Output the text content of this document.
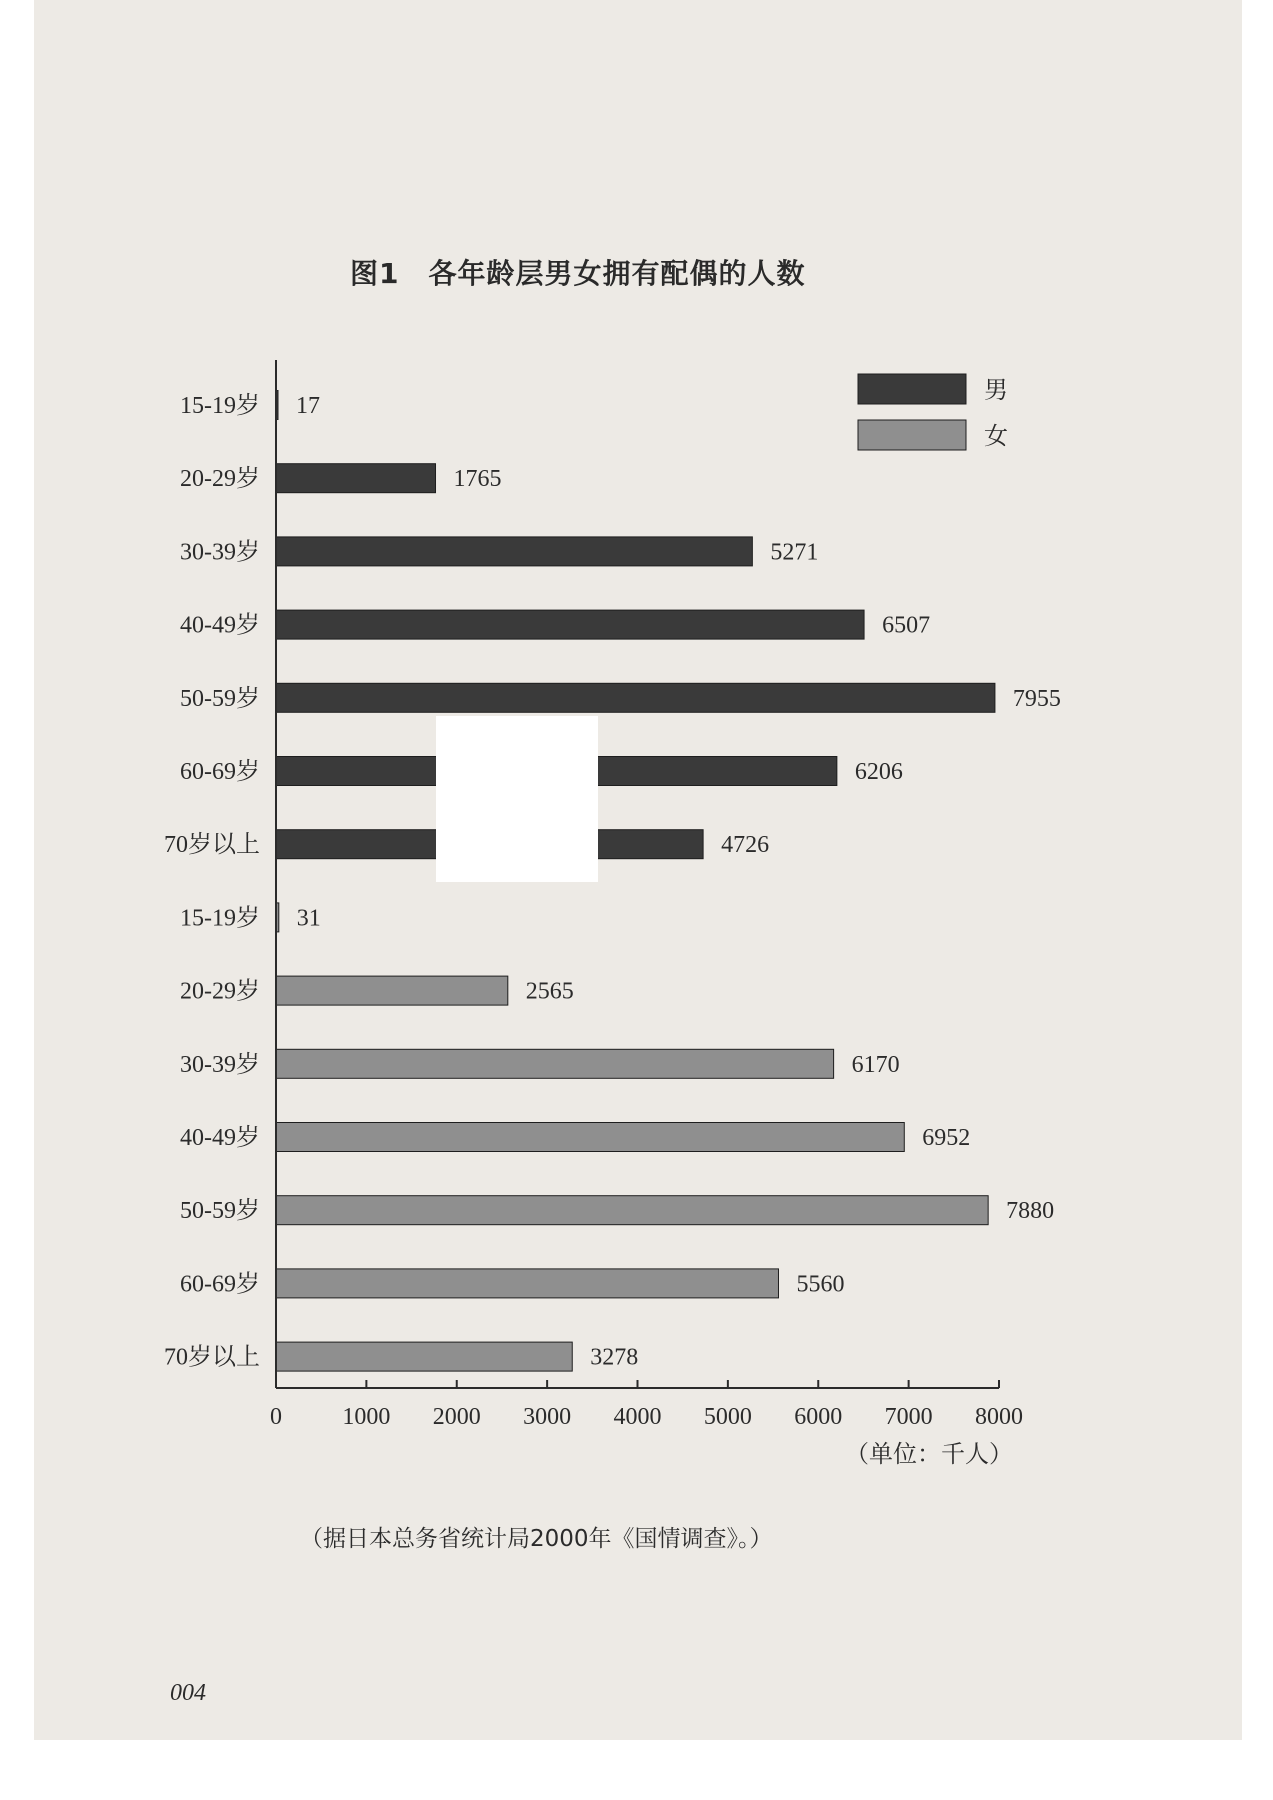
图1　各年龄层男女拥有配偶的人数
17
15-19岁
1765
20-29岁
5271
30-39岁
6507
40-49岁
7955
50-59岁
6206
60-69岁
4726
70岁以上
31
15-19岁
2565
20-29岁
6170
30-39岁
6952
40-49岁
7880
50-59岁
5560
60-69岁
3278
70岁以上
0	1000 2000 3000 4000 5000 6000 7000 8000
男
女
（单位：千人）
（据日本总务省统计局2000年《国情调查》。）
004
